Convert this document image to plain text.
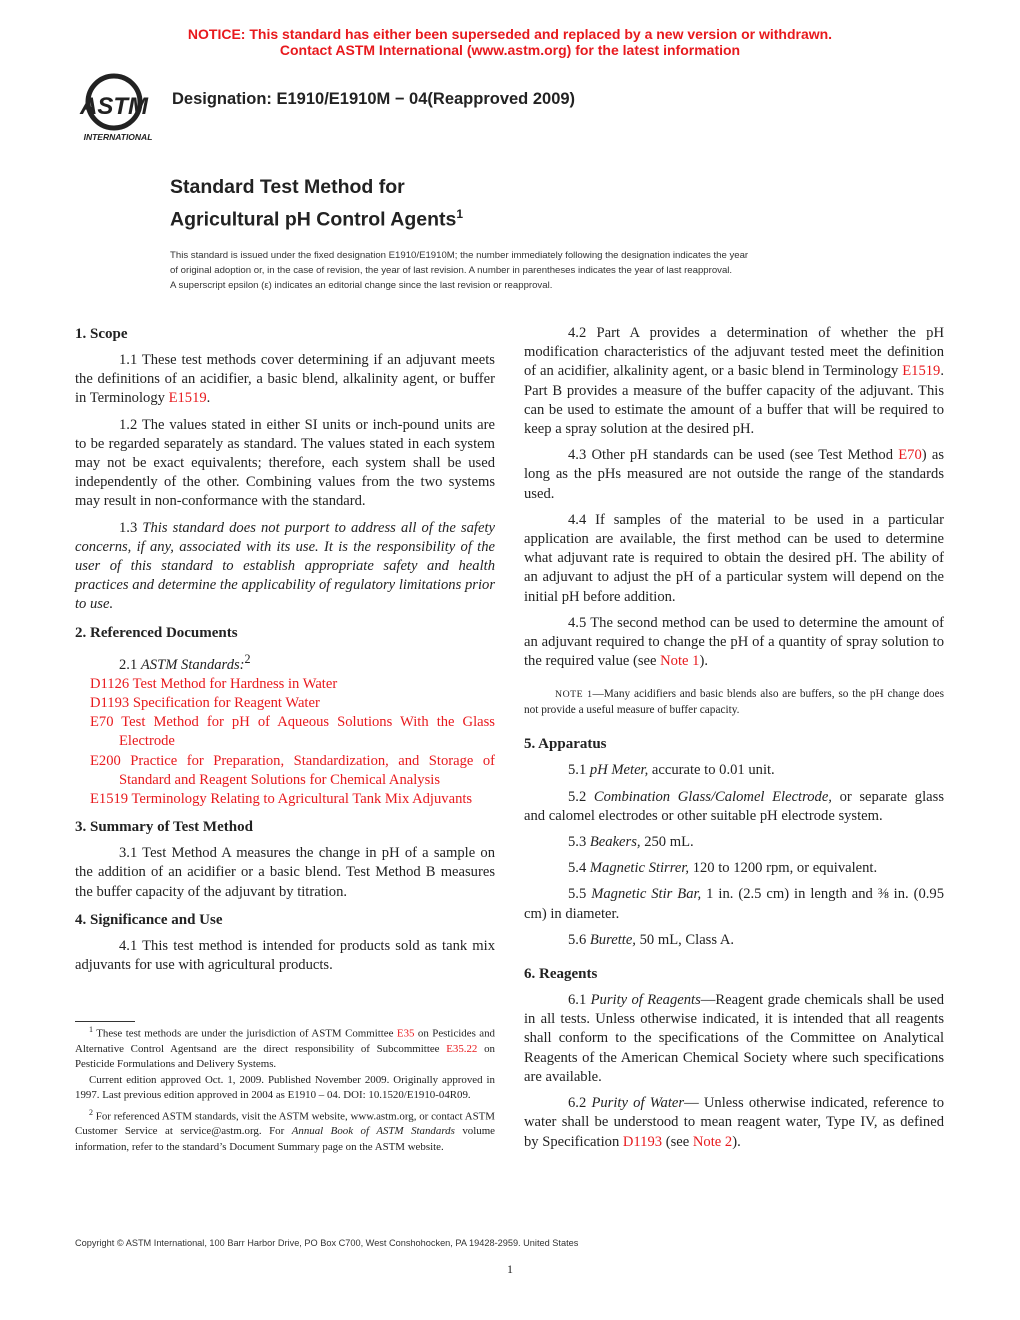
NOTICE: This standard has either been superseded and replaced by a new version or withdrawn.
Contact ASTM International (www.astm.org) for the latest information
ASTM
INTERNATIONAL
Designation: E1910/E1910M − 04(Reapproved 2009)
Standard Test Method for
Agricultural pH Control Agents$^1$
This standard is issued under the fixed designation E1910/E1910M; the number immediately following the designation indicates the year
of original adoption or, in the case of revision, the year of last revision. A number in parentheses indicates the year of last reapproval.
A superscript epsilon (ε) indicates an editorial change since the last revision or reapproval.
1. Scope

1.1 These test methods cover determining if an adjuvant meets the definitions of an acidifier, a basic blend, alkalinity agent, or buffer in Terminology E1519.

1.2 The values stated in either SI units or inch-pound units are to be regarded separately as standard. The values stated in each system may not be exact equivalents; therefore, each system shall be used independently of the other. Combining values from the two systems may result in non-conformance with the standard.

1.3 This standard does not purport to address all of the safety concerns, if any, associated with its use. It is the responsibility of the user of this standard to establish appropriate safety and health practices and determine the applicability of regulatory limitations prior to use.

2. Referenced Documents

2.1 ASTM Standards:$^2$

D1126 Test Method for Hardness in Water
D1193 Specification for Reagent Water
E70 Test Method for pH of Aqueous Solutions With the Glass Electrode
E200 Practice for Preparation, Standardization, and Storage of Standard and Reagent Solutions for Chemical Analysis
E1519 Terminology Relating to Agricultural Tank Mix Adjuvants
3. Summary of Test Method

3.1 Test Method A measures the change in pH of a sample on the addition of an acidifier or a basic blend. Test Method B measures the buffer capacity of the adjuvant by titration.

4. Significance and Use

4.1 This test method is intended for products sold as tank mix adjuvants for use with agricultural products.

$^1$ These test methods are under the jurisdiction of ASTM Committee E35 on Pesticides and Alternative Control Agentsand are the direct responsibility of Subcommittee E35.22 on Pesticide Formulations and Delivery Systems.

Current edition approved Oct. 1, 2009. Published November 2009. Originally approved in 1997. Last previous edition approved in 2004 as E1910 – 04. DOI: 10.1520/E1910-04R09.

$^2$ For referenced ASTM standards, visit the ASTM website, www.astm.org, or contact ASTM Customer Service at service@astm.org. For Annual Book of ASTM Standards volume information, refer to the standard’s Document Summary page on the ASTM website.

4.2 Part A provides a determination of whether the pH modification characteristics of the adjuvant tested meet the definition of an acidifier, alkalinity agent, or a basic blend in Terminology E1519. Part B provides a measure of the buffer capacity of the adjuvant. This can be used to estimate the amount of a buffer that will be required to keep a spray solution at the desired pH.

4.3 Other pH standards can be used (see Test Method E70) as long as the pHs measured are not outside the range of the standards used.

4.4 If samples of the material to be used in a particular application are available, the first method can be used to determine what adjuvant rate is required to obtain the desired pH. The ability of an adjuvant to adjust the pH of a particular system will depend on the initial pH before addition.

4.5 The second method can be used to determine the amount of an adjuvant required to change the pH of a quantity of spray solution to the required value (see Note 1).

NOTE 1—Many acidifiers and basic blends also are buffers, so the pH change does not provide a useful measure of buffer capacity.
5. Apparatus

5.1 pH Meter, accurate to 0.01 unit.

5.2 Combination Glass/Calomel Electrode, or separate glass and calomel electrodes or other suitable pH electrode system.

5.3 Beakers, 250 mL.

5.4 Magnetic Stirrer, 120 to 1200 rpm, or equivalent.

5.5 Magnetic Stir Bar, 1 in. (2.5 cm) in length and ⅜ in. (0.95 cm) in diameter.

5.6 Burette, 50 mL, Class A.

6. Reagents

6.1 Purity of Reagents—Reagent grade chemicals shall be used in all tests. Unless otherwise indicated, it is intended that all reagents shall conform to the specifications of the Committee on Analytical Reagents of the American Chemical Society where such specifications are available.

6.2 Purity of Water— Unless otherwise indicated, reference to water shall be understood to mean reagent water, Type IV, as defined by Specification D1193 (see Note 2).

Copyright © ASTM International, 100 Barr Harbor Drive, PO Box C700, West Conshohocken, PA 19428-2959. United States
1
